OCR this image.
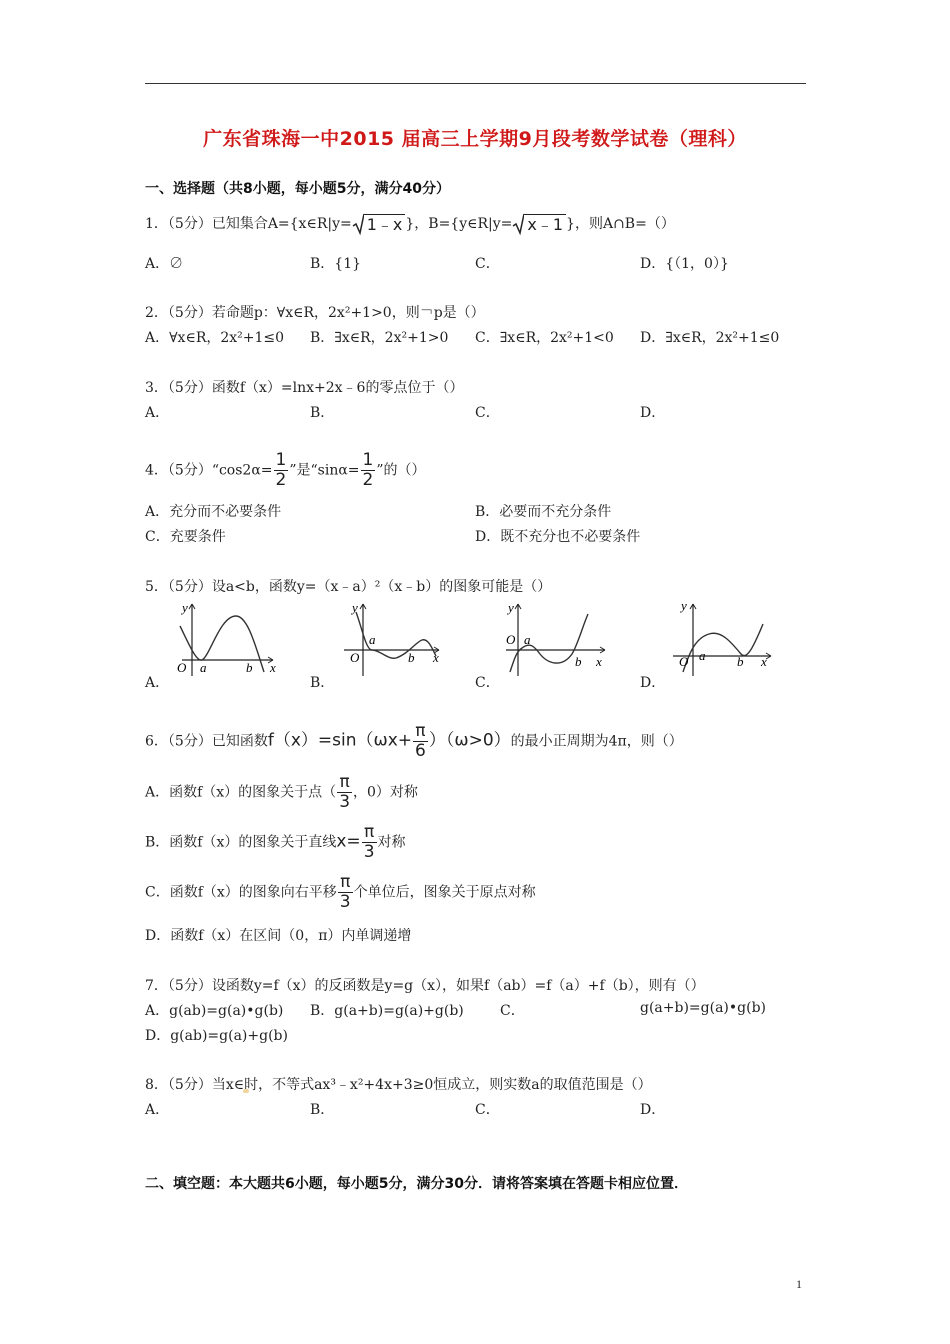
广东省珠海一中2015 届高三上学期9月段考数学试卷（理科）
一、选择题（共8小题，每小题5分，满分40分）
1．（5分）已知集合A={x∈R|y= 1﹣x }，B={y∈R|y= x﹣1 }，则A∩B=（）
A．∅	B．{1}	C．	D．{（1，0）}
2．（5分）若命题p：∀x∈R，2x²+1>0，则￢p是（）
A．∀x∈R，2x²+1≤0 B．∃x∈R，2x²+1>0 C．∃x∈R，2x²+1<0 D．∃x∈R，2x²+1≤0
3．（5分）函数f（x）=lnx+2x﹣6的零点位于（）
A．	B．	C．	D．
4．（5分）“cos2α= $\frac{1}{2}$ ”是“$\sin\alpha= \frac{1}{2}$ ”的（）
A．充分而不必要条件	B．必要而不充分条件
C．充要条件	D．既不充分也不必要条件
5．（5分）设a<b，函数y=（x﹣a）²（x﹣b）的图象可能是（）
y
O a	b x
y
O
a
b x
y
O a
b x
y
O a b x
A．	B．	C．	D．
6．（5分）已知函数$f(x)=\sin(\omega x+ \frac{\pi}{6} )(\omega>0)$的最小正周期为4π，则（）
A．函数f（x）的图象关于点（ $\frac{\pi}{3}$ ，0）对称
B．函数f（x）的图象关于直线$x= \frac{\pi}{3}$ 对称
C．函数f（x）的图象向右平移 $\frac{\pi}{3}$ 个单位后，图象关于原点对称
D．函数f（x）在区间（0，π）内单调递增
7．（5分）设函数y=f（x）的反函数是y=g（x），如果f（ab）=f（a）+f（b），则有（）
A．g(ab)=g(a)•g(b) B．g(a+b)=g(a)+g(b)	C．	g(a+b)=g(a)•g(b)
D．g(ab)=g(a)+g(b)
8．（5分）当x∈时，不等式ax³﹣x²+4x+3≥0恒成立，则实数a的取值范围是（）
A．	B．	C．	D．
二、填空题：本大题共6小题，每小题5分，满分30分．请将答案填在答题卡相应位置．
1
